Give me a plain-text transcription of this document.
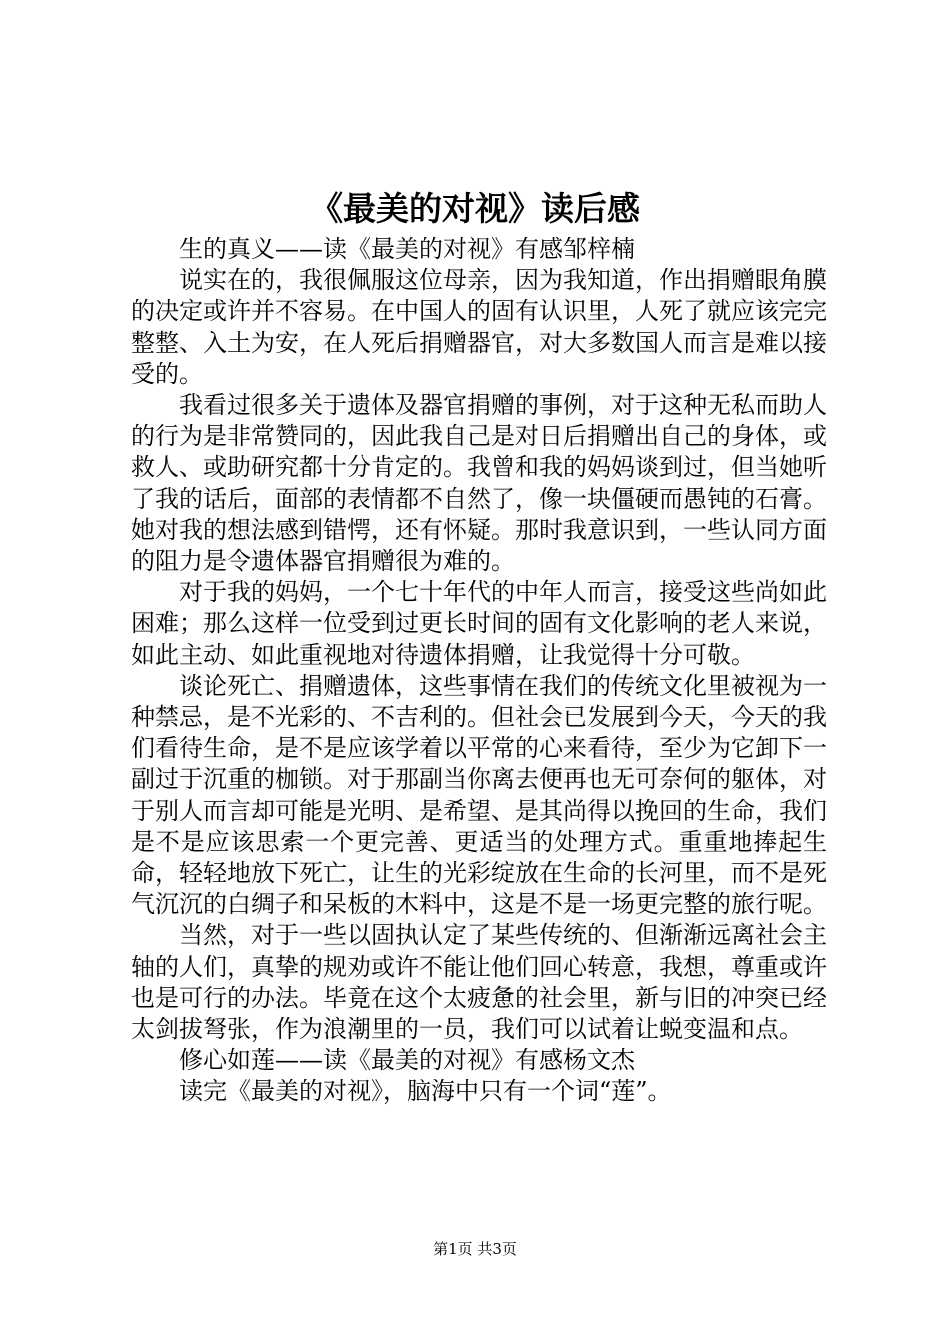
《最美的对视》读后感

生的真义——读《最美的对视》有感邹梓楠

说实在的，我很佩服这位母亲，因为我知道，作出捐赠眼角膜的决定或许并不容易。在中国人的固有认识里，人死了就应该完完整整、入土为安，在人死后捐赠器官，对大多数国人而言是难以接受的。

我看过很多关于遗体及器官捐赠的事例，对于这种无私而助人的行为是非常赞同的，因此我自己是对日后捐赠出自己的身体，或救人、或助研究都十分肯定的。我曾和我的妈妈谈到过，但当她听了我的话后，面部的表情都不自然了，像一块僵硬而愚钝的石膏。她对我的想法感到错愕，还有怀疑。那时我意识到，一些认同方面的阻力是令遗体器官捐赠很为难的。

对于我的妈妈，一个七十年代的中年人而言，接受这些尚如此困难；那么这样一位受到过更长时间的固有文化影响的老人来说，如此主动、如此重视地对待遗体捐赠，让我觉得十分可敬。

谈论死亡、捐赠遗体，这些事情在我们的传统文化里被视为一种禁忌，是不光彩的、不吉利的。但社会已发展到今天，今天的我们看待生命，是不是应该学着以平常的心来看待，至少为它卸下一副过于沉重的枷锁。对于那副当你离去便再也无可奈何的躯体，对于别人而言却可能是光明、是希望、是其尚得以挽回的生命，我们是不是应该思索一个更完善、更适当的处理方式。重重地捧起生命，轻轻地放下死亡，让生的光彩绽放在生命的长河里，而不是死气沉沉的白绸子和呆板的木料中，这是不是一场更完整的旅行呢。

当然，对于一些以固执认定了某些传统的、但渐渐远离社会主轴的人们，真挚的规劝或许不能让他们回心转意，我想，尊重或许也是可行的办法。毕竟在这个太疲惫的社会里，新与旧的冲突已经太剑拔弩张，作为浪潮里的一员，我们可以试着让蜕变温和点。

修心如莲——读《最美的对视》有感杨文杰

读完《最美的对视》，脑海中只有一个词“莲”。

第1页 共3页
